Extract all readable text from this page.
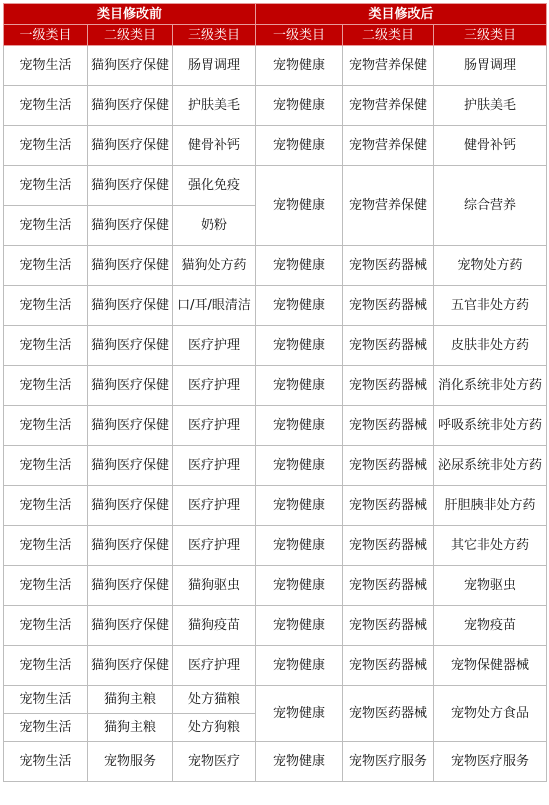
类目修改前			类目修改后		
一级类目	二级类目	三级类目	一级类目	二级类目	三级类目
宠物生活	猫狗医疗保健	肠胃调理	宠物健康	宠物营养保健	肠胃调理
宠物生活	猫狗医疗保健	护肤美毛	宠物健康	宠物营养保健	护肤美毛
宠物生活	猫狗医疗保健	健骨补钙	宠物健康	宠物营养保健	健骨补钙
宠物生活	猫狗医疗保健	强化免疫	宠物健康	宠物营养保健	综合营养
宠物生活	猫狗医疗保健	奶粉			
宠物生活	猫狗医疗保健	猫狗处方药	宠物健康	宠物医药器械	宠物处方药
宠物生活	猫狗医疗保健	口/耳/眼清洁	宠物健康	宠物医药器械	五官非处方药
宠物生活	猫狗医疗保健	医疗护理	宠物健康	宠物医药器械	皮肤非处方药
宠物生活	猫狗医疗保健	医疗护理	宠物健康	宠物医药器械	消化系统非处方药
宠物生活	猫狗医疗保健	医疗护理	宠物健康	宠物医药器械	呼吸系统非处方药
宠物生活	猫狗医疗保健	医疗护理	宠物健康	宠物医药器械	泌尿系统非处方药
宠物生活	猫狗医疗保健	医疗护理	宠物健康	宠物医药器械	肝胆胰非处方药
宠物生活	猫狗医疗保健	医疗护理	宠物健康	宠物医药器械	其它非处方药
宠物生活	猫狗医疗保健	猫狗驱虫	宠物健康	宠物医药器械	宠物驱虫
宠物生活	猫狗医疗保健	猫狗疫苗	宠物健康	宠物医药器械	宠物疫苗
宠物生活	猫狗医疗保健	医疗护理	宠物健康	宠物医药器械	宠物保健器械
宠物生活	猫狗主粮	处方猫粮	宠物健康	宠物医药器械	宠物处方食品
宠物生活	猫狗主粮	处方狗粮			
宠物生活	宠物服务	宠物医疗	宠物健康	宠物医疗服务	宠物医疗服务
